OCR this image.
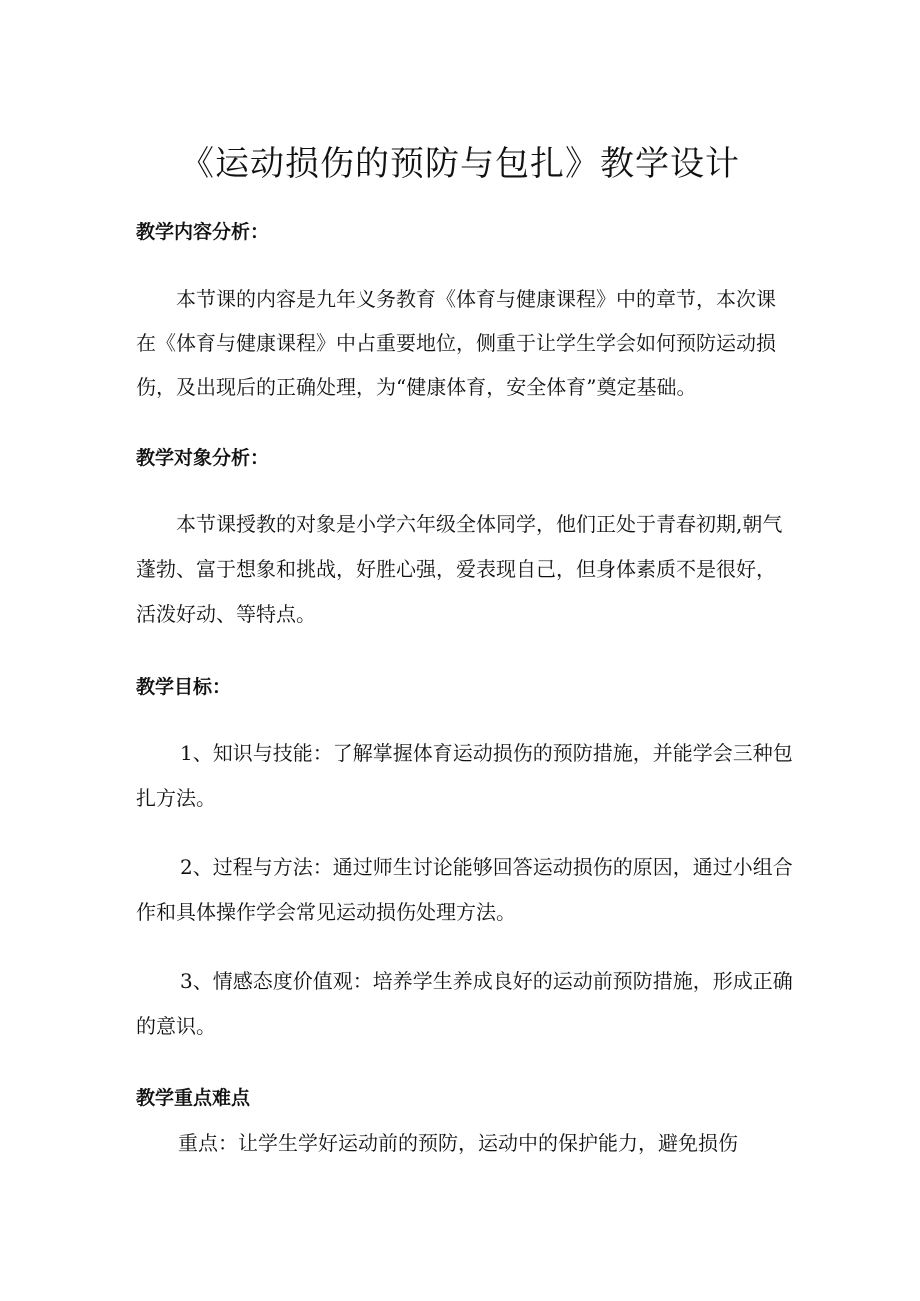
《运动损伤的预防与包扎》教学设计
教学内容分析：
本节课的内容是九年义务教育《体育与健康课程》中的章节，本次课
在《体育与健康课程》中占重要地位，侧重于让学生学会如何预防运动损
伤，及出现后的正确处理，为“健康体育，安全体育”奠定基础。
教学对象分析：
本节课授教的对象是小学六年级全体同学，他们正处于青春初期,朝气
蓬勃、富于想象和挑战，好胜心强，爱表现自己，但身体素质不是很好，
活泼好动、等特点。
教学目标：
1、知识与技能：了解掌握体育运动损伤的预防措施，并能学会三种包
扎方法。
2、过程与方法：通过师生讨论能够回答运动损伤的原因，通过小组合
作和具体操作学会常见运动损伤处理方法。
3、情感态度价值观：培养学生养成良好的运动前预防措施，形成正确
的意识。
教学重点难点
重点：让学生学好运动前的预防，运动中的保护能力，避免损伤
